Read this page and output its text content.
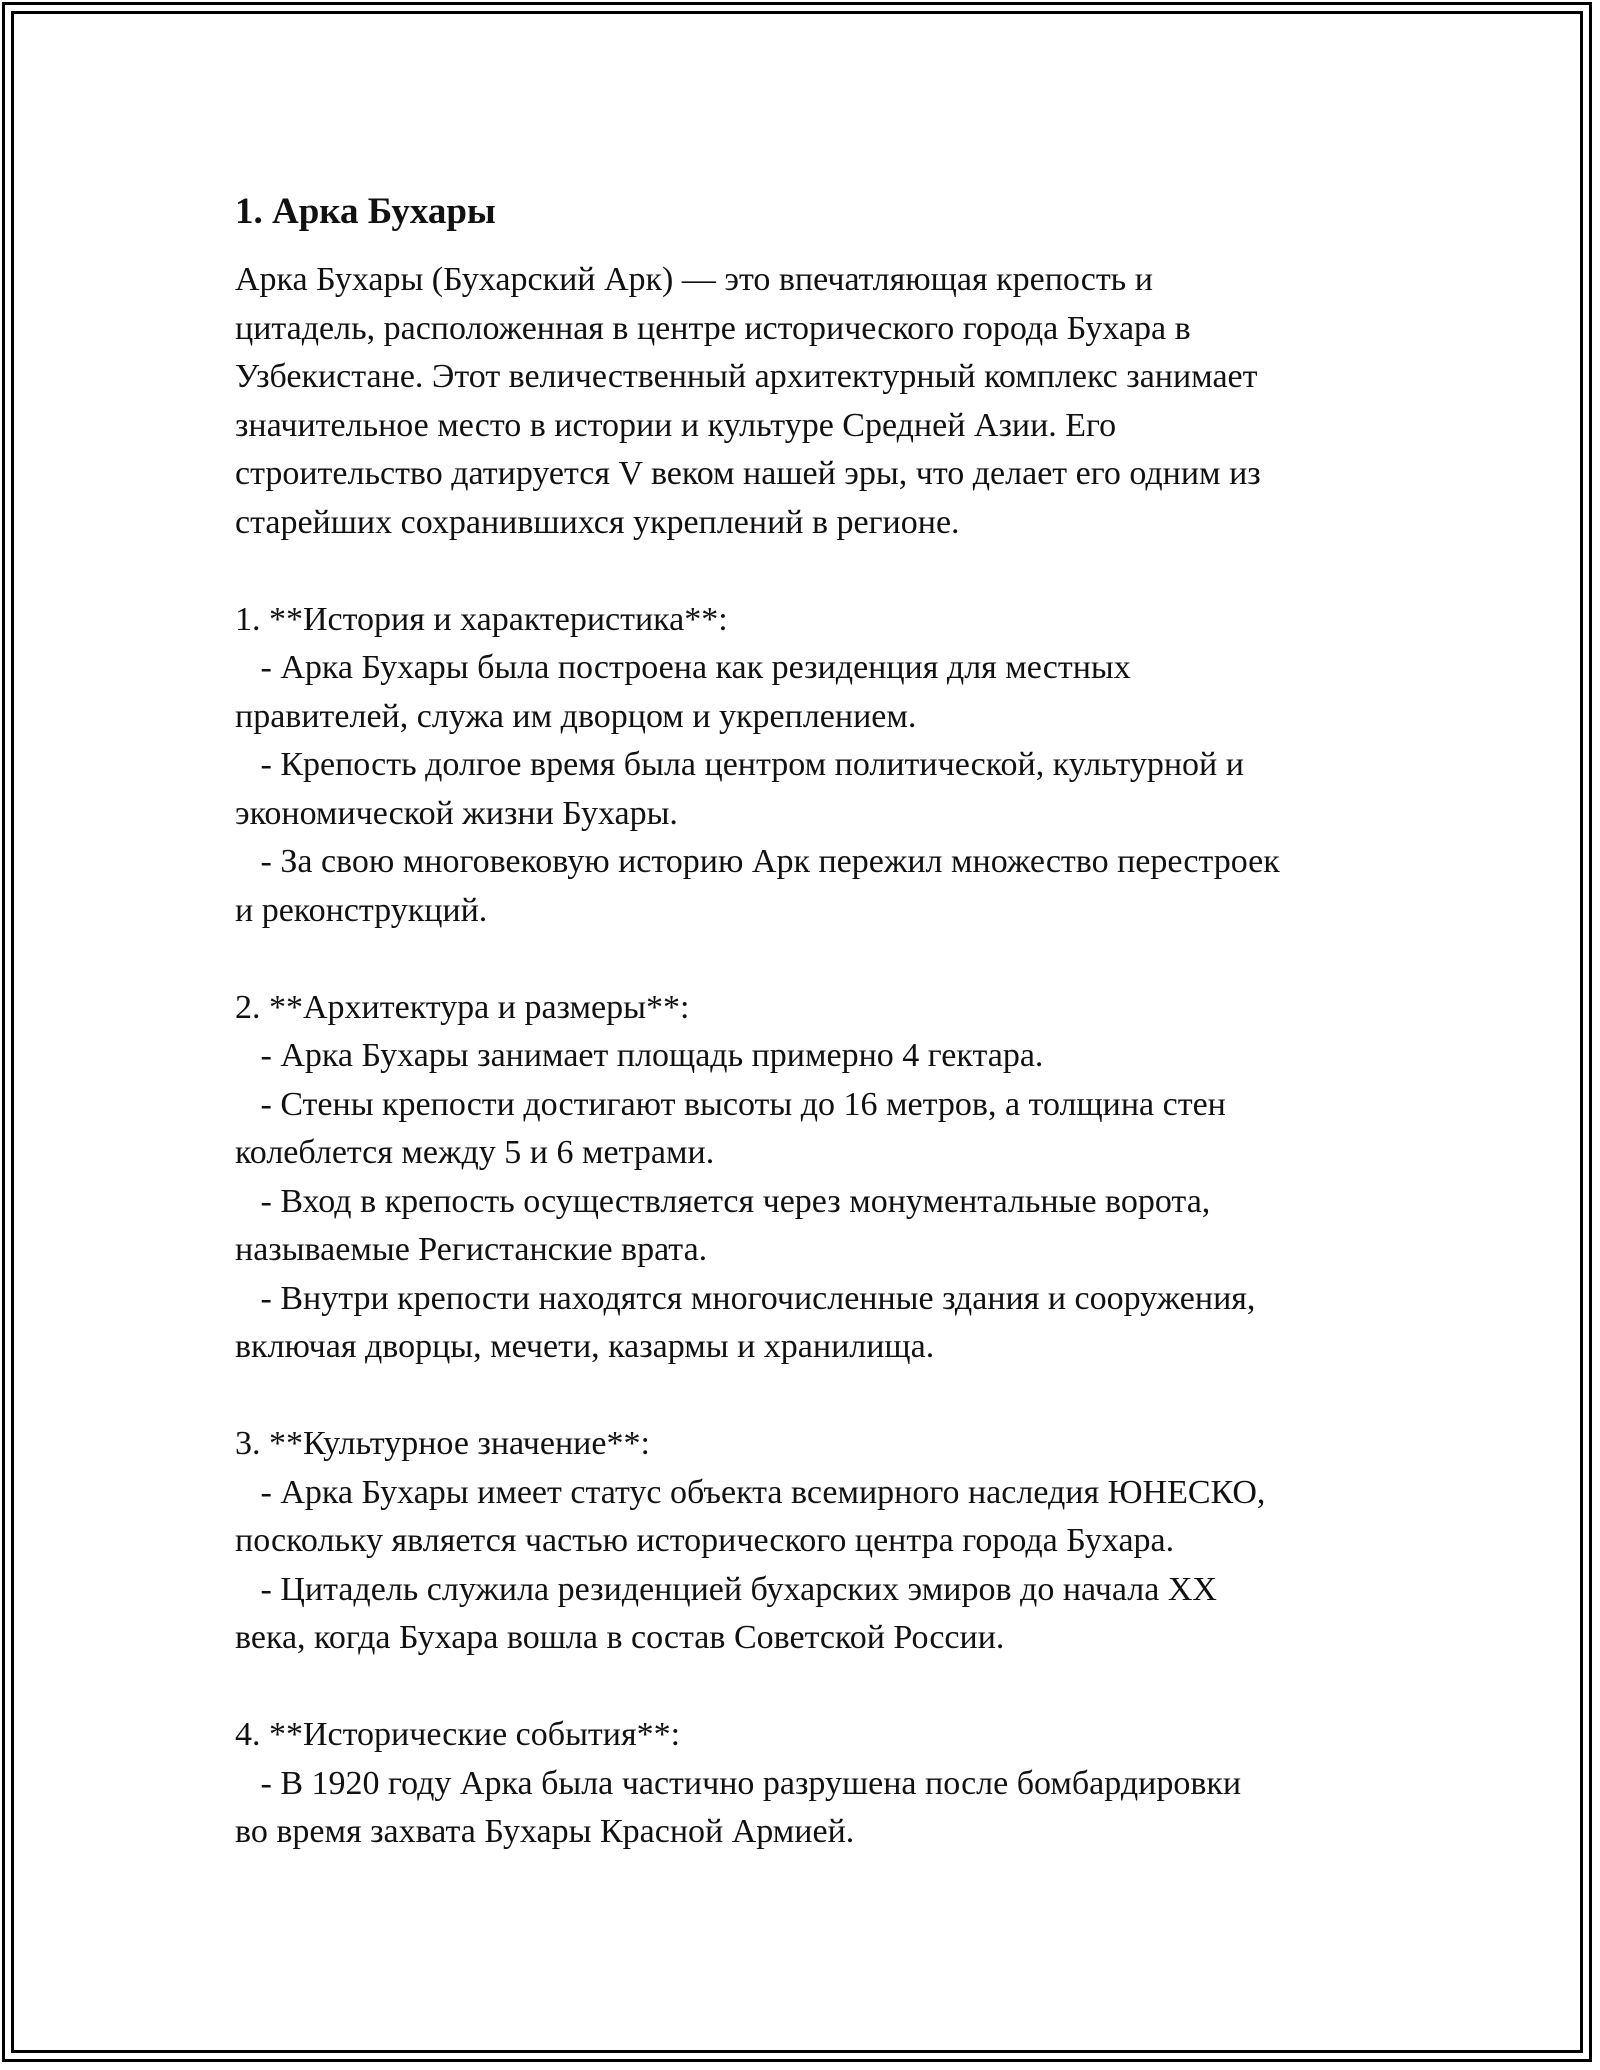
1. Арка Бухары

Арка Бухары (Бухарский Арк) — это впечатляющая крепость и
цитадель, расположенная в центре исторического города Бухара в
Узбекистане. Этот величественный архитектурный комплекс занимает
значительное место в истории и культуре Средней Азии. Его
строительство датируется V веком нашей эры, что делает его одним из
старейших сохранившихся укреплений в регионе.

1. **История и характеристика**:
- Арка Бухары была построена как резиденция для местных
правителей, служа им дворцом и укреплением.
- Крепость долгое время была центром политической, культурной и
экономической жизни Бухары.
- За свою многовековую историю Арк пережил множество перестроек
и реконструкций.
2. **Архитектура и размеры**:
- Арка Бухары занимает площадь примерно 4 гектара.
- Стены крепости достигают высоты до 16 метров, а толщина стен
колеблется между 5 и 6 метрами.
- Вход в крепость осуществляется через монументальные ворота,
называемые Регистанские врата.
- Внутри крепости находятся многочисленные здания и сооружения,
включая дворцы, мечети, казармы и хранилища.
3. **Культурное значение**:
- Арка Бухары имеет статус объекта всемирного наследия ЮНЕСКО,
поскольку является частью исторического центра города Бухара.
- Цитадель служила резиденцией бухарских эмиров до начала XX
века, когда Бухара вошла в состав Советской России.
4. **Исторические события**:
- В 1920 году Арка была частично разрушена после бомбардировки
во время захвата Бухары Красной Армией.
